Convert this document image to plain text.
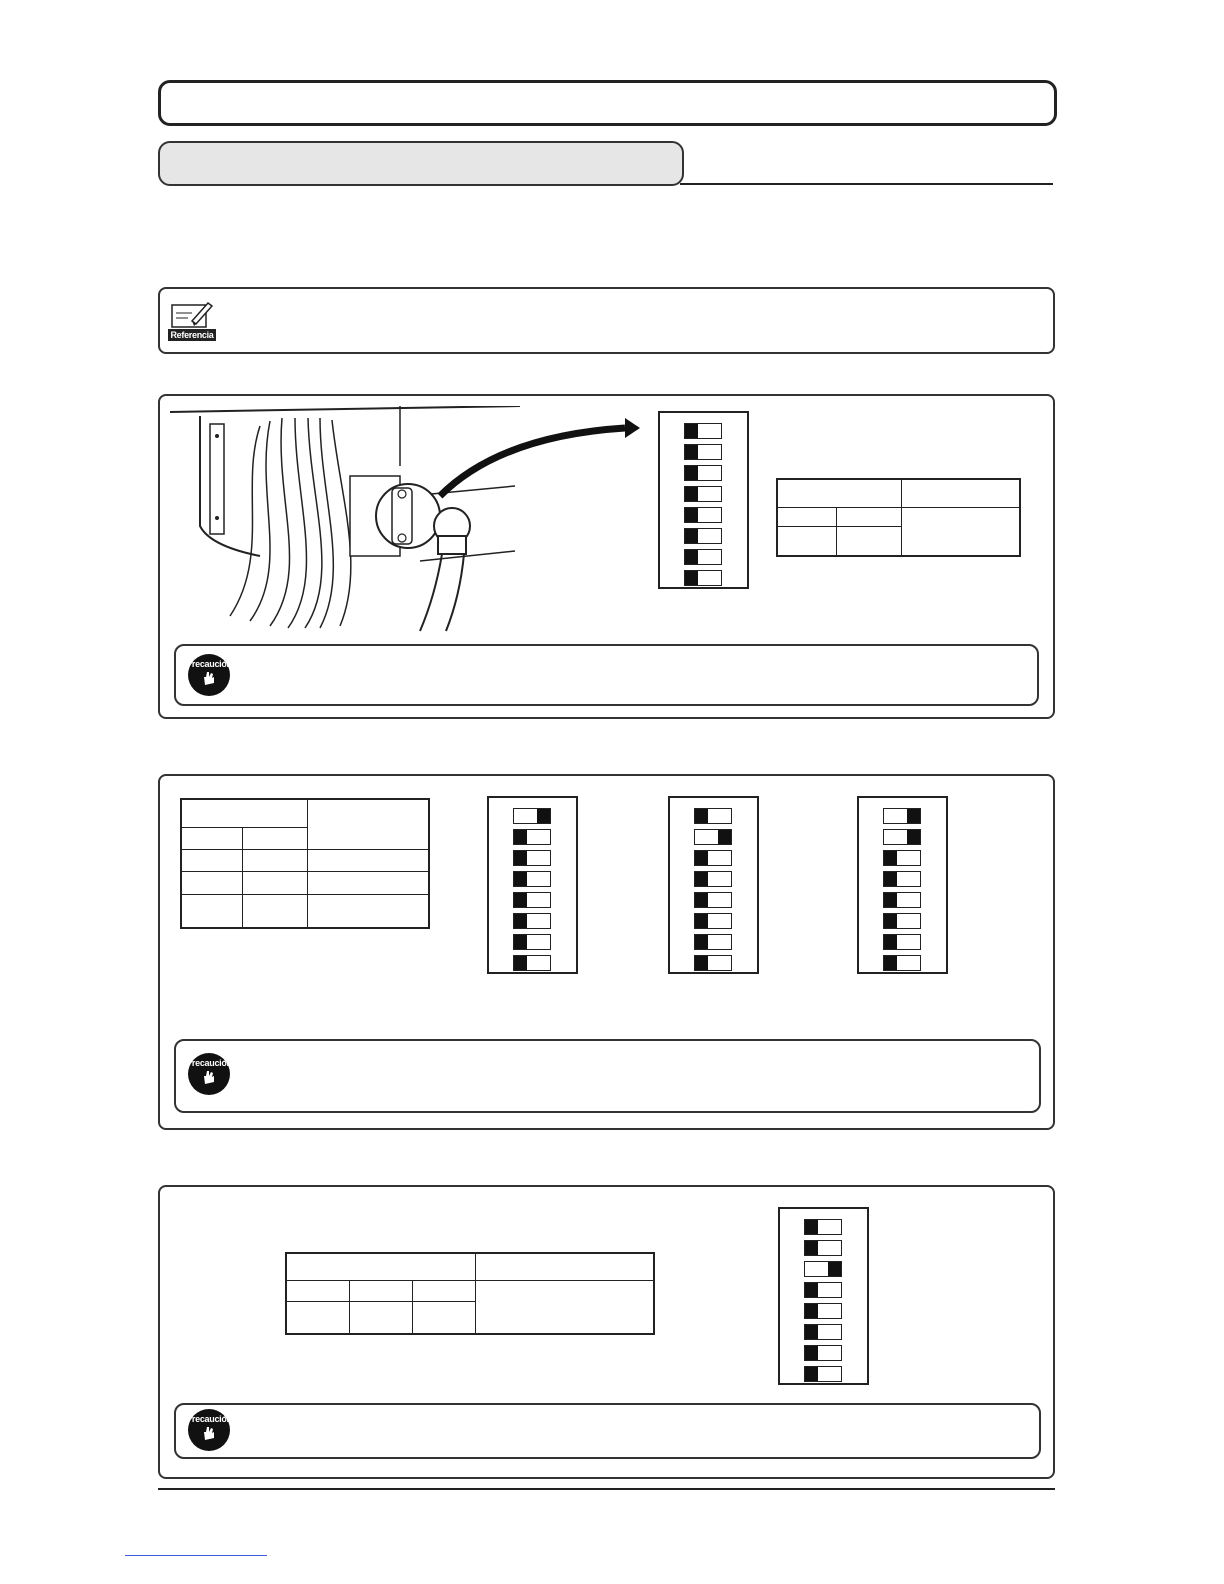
Referencia

Precaución

Precaución

Precaución
